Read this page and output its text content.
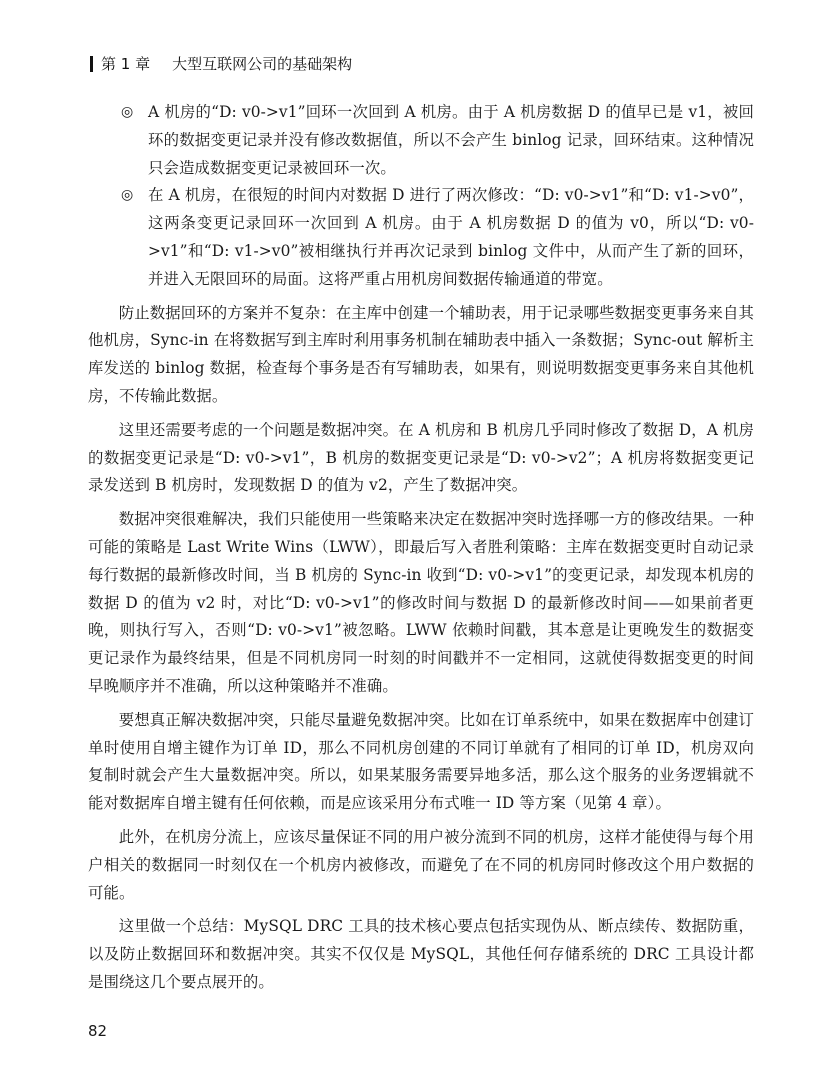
第 1 章 大型互联网公司的基础架构
◎ A 机房的“D: v0->v1”回环一次回到 A 机房。由于 A 机房数据 D 的值早已是 v1，被回环的数据变更记录并没有修改数据值，所以不会产生 binlog 记录，回环结束。这种情况只会造成数据变更记录被回环一次。
◎ 在 A 机房，在很短的时间内对数据 D 进行了两次修改：“D: v0->v1”和“D: v1->v0”，这两条变更记录回环一次回到 A 机房。由于 A 机房数据 D 的值为 v0，所以“D: v0->v1”和“D: v1->v0”被相继执行并再次记录到 binlog 文件中，从而产生了新的回环，并进入无限回环的局面。这将严重占用机房间数据传输通道的带宽。

防止数据回环的方案并不复杂：在主库中创建一个辅助表，用于记录哪些数据变更事务来自其他机房，Sync-in 在将数据写到主库时利用事务机制在辅助表中插入一条数据；Sync-out 解析主库发送的 binlog 数据，检查每个事务是否有写辅助表，如果有，则说明数据变更事务来自其他机房，不传输此数据。

这里还需要考虑的一个问题是数据冲突。在 A 机房和 B 机房几乎同时修改了数据 D，A 机房的数据变更记录是“D: v0->v1”，B 机房的数据变更记录是“D: v0->v2”；A 机房将数据变更记录发送到 B 机房时，发现数据 D 的值为 v2，产生了数据冲突。

数据冲突很难解决，我们只能使用一些策略来决定在数据冲突时选择哪一方的修改结果。一种可能的策略是 Last Write Wins（LWW），即最后写入者胜利策略：主库在数据变更时自动记录每行数据的最新修改时间，当 B 机房的 Sync-in 收到“D: v0->v1”的变更记录，却发现本机房的数据 D 的值为 v2 时，对比“D: v0->v1”的修改时间与数据 D 的最新修改时间——如果前者更晚，则执行写入，否则“D: v0->v1”被忽略。LWW 依赖时间戳，其本意是让更晚发生的数据变更记录作为最终结果，但是不同机房同一时刻的时间戳并不一定相同，这就使得数据变更的时间早晚顺序并不准确，所以这种策略并不准确。

要想真正解决数据冲突，只能尽量避免数据冲突。比如在订单系统中，如果在数据库中创建订单时使用自增主键作为订单 ID，那么不同机房创建的不同订单就有了相同的订单 ID，机房双向复制时就会产生大量数据冲突。所以，如果某服务需要异地多活，那么这个服务的业务逻辑就不能对数据库自增主键有任何依赖，而是应该采用分布式唯一 ID 等方案（见第 4 章）。

此外，在机房分流上，应该尽量保证不同的用户被分流到不同的机房，这样才能使得与每个用户相关的数据同一时刻仅在一个机房内被修改，而避免了在不同的机房同时修改这个用户数据的可能。

这里做一个总结：MySQL DRC 工具的技术核心要点包括实现伪从、断点续传、数据防重，以及防止数据回环和数据冲突。其实不仅仅是 MySQL，其他任何存储系统的 DRC 工具设计都是围绕这几个要点展开的。

82
